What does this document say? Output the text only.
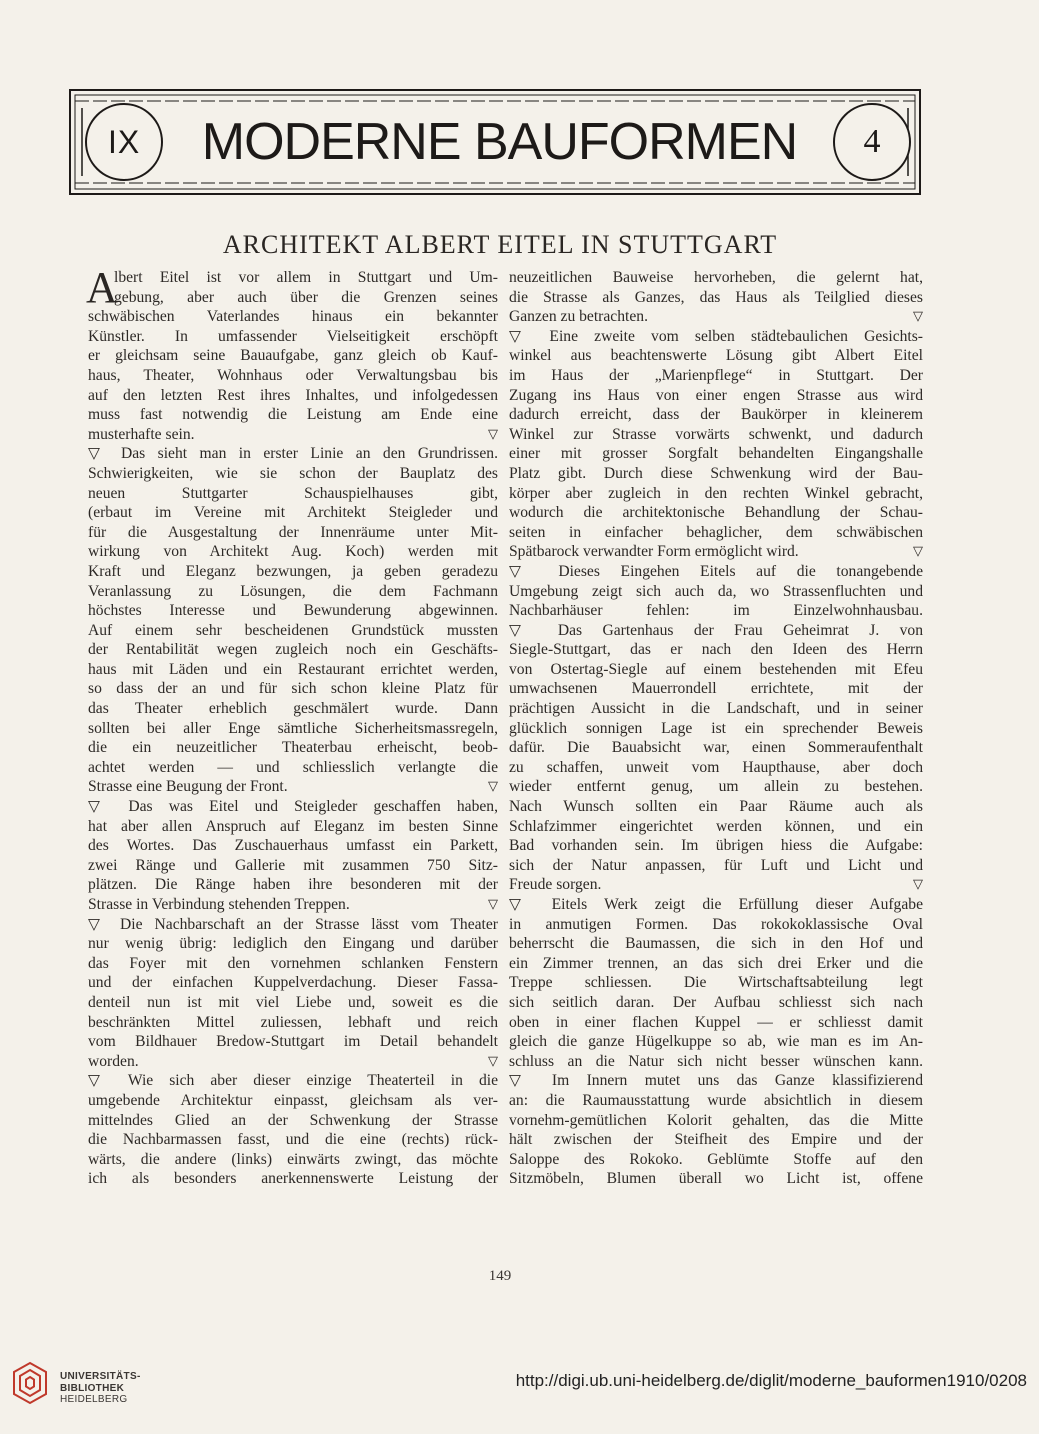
IX	MODERNE BAUFORMEN	4
ARCHITEKT ALBERT EITEL IN STUTTGART
A
lbert Eitel ist vor allem in Stuttgart und Um-
gebung, aber auch über die Grenzen seines
schwäbischen Vaterlandes hinaus ein bekannter
Künstler. In umfassender Vielseitigkeit erschöpft
er gleichsam seine Bauaufgabe, ganz gleich ob Kauf-
haus, Theater, Wohnhaus oder Verwaltungsbau bis
auf den letzten Rest ihres Inhaltes, und infolgedessen
muss fast notwendig die Leistung am Ende eine
musterhafte sein.	▽
▽ Das sieht man in erster Linie an den Grundrissen.
Schwierigkeiten, wie sie schon der Bauplatz des
neuen Stuttgarter Schauspielhauses gibt,
(erbaut im Vereine mit Architekt Steigleder und
für die Ausgestaltung der Innenräume unter Mit-
wirkung von Architekt Aug. Koch) werden mit
Kraft und Eleganz bezwungen, ja geben geradezu
Veranlassung zu Lösungen, die dem Fachmann
höchstes Interesse und Bewunderung abgewinnen.
Auf einem sehr bescheidenen Grundstück mussten
der Rentabilität wegen zugleich noch ein Geschäfts-
haus mit Läden und ein Restaurant errichtet werden,
so dass der an und für sich schon kleine Platz für
das Theater erheblich geschmälert wurde. Dann
sollten bei aller Enge sämtliche Sicherheitsmassregeln,
die ein neuzeitlicher Theaterbau erheischt, beob-
achtet werden — und schliesslich verlangte die
Strasse eine Beugung der Front.	▽
▽ Das was Eitel und Steigleder geschaffen haben,
hat aber allen Anspruch auf Eleganz im besten Sinne
des Wortes. Das Zuschauerhaus umfasst ein Parkett,
zwei Ränge und Gallerie mit zusammen 750 Sitz-
plätzen. Die Ränge haben ihre besonderen mit der
Strasse in Verbindung stehenden Treppen.	▽
▽ Die Nachbarschaft an der Strasse lässt vom Theater
nur wenig übrig: lediglich den Eingang und darüber
das Foyer mit den vornehmen schlanken Fenstern
und der einfachen Kuppelverdachung. Dieser Fassa-
denteil nun ist mit viel Liebe und, soweit es die
beschränkten Mittel zuliessen, lebhaft und reich
vom Bildhauer Bredow-Stuttgart im Detail behandelt
worden.	▽
▽ Wie sich aber dieser einzige Theaterteil in die
umgebende Architektur einpasst, gleichsam als ver-
mittelndes Glied an der Schwenkung der Strasse
die Nachbarmassen fasst, und die eine (rechts) rück-
wärts, die andere (links) einwärts zwingt, das möchte
ich als besonders anerkennenswerte Leistung der
neuzeitlichen Bauweise hervorheben, die gelernt hat,
die Strasse als Ganzes, das Haus als Teilglied dieses
Ganzen zu betrachten.	▽
▽ Eine zweite vom selben städtebaulichen Gesichts-
winkel aus beachtenswerte Lösung gibt Albert Eitel
im Haus der „Marienpflege“ in Stuttgart. Der
Zugang ins Haus von einer engen Strasse aus wird
dadurch erreicht, dass der Baukörper in kleinerem
Winkel zur Strasse vorwärts schwenkt, und dadurch
einer mit grosser Sorgfalt behandelten Eingangshalle
Platz gibt. Durch diese Schwenkung wird der Bau-
körper aber zugleich in den rechten Winkel gebracht,
wodurch die architektonische Behandlung der Schau-
seiten in einfacher behaglicher, dem schwäbischen
Spätbarock verwandter Form ermöglicht wird.	▽
▽ Dieses Eingehen Eitels auf die tonangebende
Umgebung zeigt sich auch da, wo Strassenfluchten und
Nachbarhäuser fehlen: im Einzelwohnhausbau.
▽ Das Gartenhaus der Frau Geheimrat J. von
Siegle-Stuttgart, das er nach den Ideen des Herrn
von Ostertag-Siegle auf einem bestehenden mit Efeu
umwachsenen Mauerrondell errichtete, mit der
prächtigen Aussicht in die Landschaft, und in seiner
glücklich sonnigen Lage ist ein sprechender Beweis
dafür. Die Bauabsicht war, einen Sommeraufenthalt
zu schaffen, unweit vom Haupthause, aber doch
wieder entfernt genug, um allein zu bestehen.
Nach Wunsch sollten ein Paar Räume auch als
Schlafzimmer eingerichtet werden können, und ein
Bad vorhanden sein. Im übrigen hiess die Aufgabe:
sich der Natur anpassen, für Luft und Licht und
Freude sorgen.	▽
▽ Eitels Werk zeigt die Erfüllung dieser Aufgabe
in anmutigen Formen. Das rokokoklassische Oval
beherrscht die Baumassen, die sich in den Hof und
ein Zimmer trennen, an das sich drei Erker und die
Treppe schliessen. Die Wirtschaftsabteilung legt
sich seitlich daran. Der Aufbau schliesst sich nach
oben in einer flachen Kuppel — er schliesst damit
gleich die ganze Hügelkuppe so ab, wie man es im An-
schluss an die Natur sich nicht besser wünschen kann.
▽ Im Innern mutet uns das Ganze klassifizierend
an: die Raumausstattung wurde absichtlich in diesem
vornehm-gemütlichen Kolorit gehalten, das die Mitte
hält zwischen der Steifheit des Empire und der
Saloppe des Rokoko. Geblümte Stoffe auf den
Sitzmöbeln, Blumen überall wo Licht ist, offene
149
UNIVERSITÄTS-
BIBLIOTHEK
HEIDELBERG
http://digi.ub.uni-heidelberg.de/diglit/moderne_bauformen1910/0208
